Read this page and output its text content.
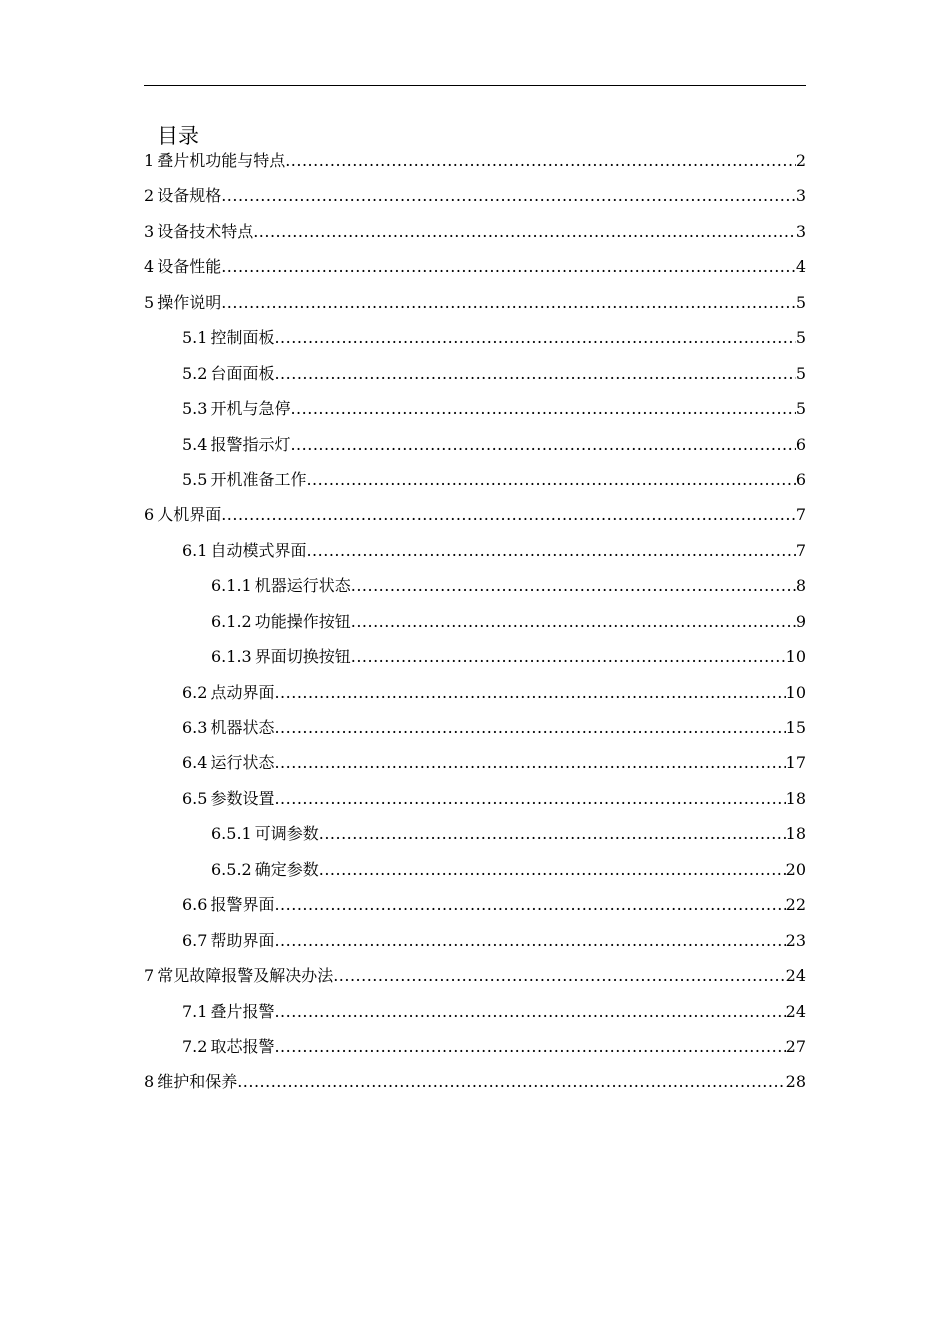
目录
1 叠片机功能与特点 .....	2
2 设备规格 .....	3
3 设备技术特点 .....	3
4 设备性能 .....	4
5 操作说明 .....	5
5.1 控制面板 .....	5
5.2 台面面板 .....	5
5.3 开机与急停 .....	5
5.4 报警指示灯 .....	6
5.5 开机准备工作 .....	6
6 人机界面 .....	7
6.1 自动模式界面 .....	7
6.1.1 机器运行状态 .....	8
6.1.2 功能操作按钮 .....	9
6.1.3 界面切换按钮 .....	10
6.2 点动界面 .....	10
6.3 机器状态 .....	15
6.4 运行状态 .....	17
6.5 参数设置 .....	18
6.5.1 可调参数 .....	18
6.5.2 确定参数 .....	20
6.6 报警界面 .....	22
6.7 帮助界面 .....	23
7 常见故障报警及解决办法 .....	24
7.1 叠片报警 .....	24
7.2 取芯报警 .....	27
8 维护和保养 .....	28
